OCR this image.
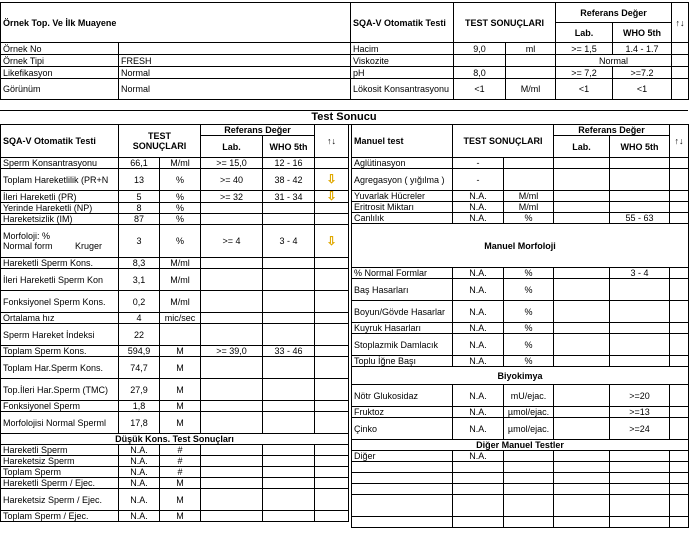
Örnek Top. Ve İlk Muayene		SQA-V Otomatik Testi	TEST SONUÇLARI		Referans Değer		↑↓
					Lab.	WHO 5th	
Örnek No		Hacim	9,0	ml	>= 1,5	1.4 - 1.7	
Örnek Tipi	FRESH	Viskozite			Normal		
Likefikasyon	Normal	pH	8,0		>= 7,2	>=7.2	
Görünüm	Normal	Lökosit Konsantrasyonu	<1	M/ml	<1	<1	
Test Sonucu
SQA-V Otomatik Testi	TEST SONUÇLARI		Referans Değer		↑↓
			Lab.	WHO 5th	
Sperm Konsantrasyonu	66,1	M/ml	>= 15,0	12 - 16	
Toplam Hareketlilik (PR+N	13	%	>= 40	38 - 42	⇩
İleri Hareketli (PR)	5	%	>= 32	31 - 34	⇩
Yerinde Hareketli (NP)	8	%			
Hareketsizlik (IM)	87	%			
Morfoloji: % Normal form Kruger	3	%	>= 4	3 - 4	⇩
Hareketli Sperm Kons.	8,3	M/ml			
İleri Hareketli Sperm Kon	3,1	M/ml			
Fonksiyonel Sperm Kons.	0,2	M/ml			
Ortalama hız	4	mic/sec			
Sperm Hareket İndeksi	22				
Toplam Sperm Kons.	594,9	M	>= 39,0	33 - 46	
Toplam Har.Sperm Kons.	74,7	M			
Top.İleri Har.Sperm (TMC)	27,9	M			
Fonksiyonel Sperm	1,8	M			
Morfolojisi Normal Sperml	17,8	M			
Düşük Kons. Test Sonuçları					
Hareketli Sperm	N.A.	#			
Hareketsiz Sperm	N.A.	#			
Toplam Sperm	N.A.	#			
Hareketli Sperm / Ejec.	N.A.	M			
Hareketsiz Sperm / Ejec.	N.A.	M			
Toplam Sperm / Ejec.	N.A.	M			
Manuel test	TEST SONUÇLARI		Referans Değer		↑↓
			Lab.	WHO 5th	
Aglütinasyon	-				
Agregasyon ( yığılma )	-				
Yuvarlak Hücreler	N.A.	M/ml			
Eritrosit Miktarı	N.A.	M/ml			
Canlılık	N.A.	%		55 - 63	
Manuel Morfoloji					
% Normal Formlar	N.A.	%		3 - 4	
Baş Hasarları	N.A.	%			
Boyun/Gövde Hasarlar	N.A.	%			
Kuyruk Hasarları	N.A.	%			
Stoplazmik Damlacık	N.A.	%			
Toplu İğne Başı	N.A.	%			
Biyokimya					
Nötr Glukosidaz	N.A.	mU/ejac.		>=20	
Fruktoz	N.A.	µmol/ejac.		>=13	
Çinko	N.A.	µmol/ejac.		>=24	
Diğer Manuel Testler					
Diğer	N.A.				
